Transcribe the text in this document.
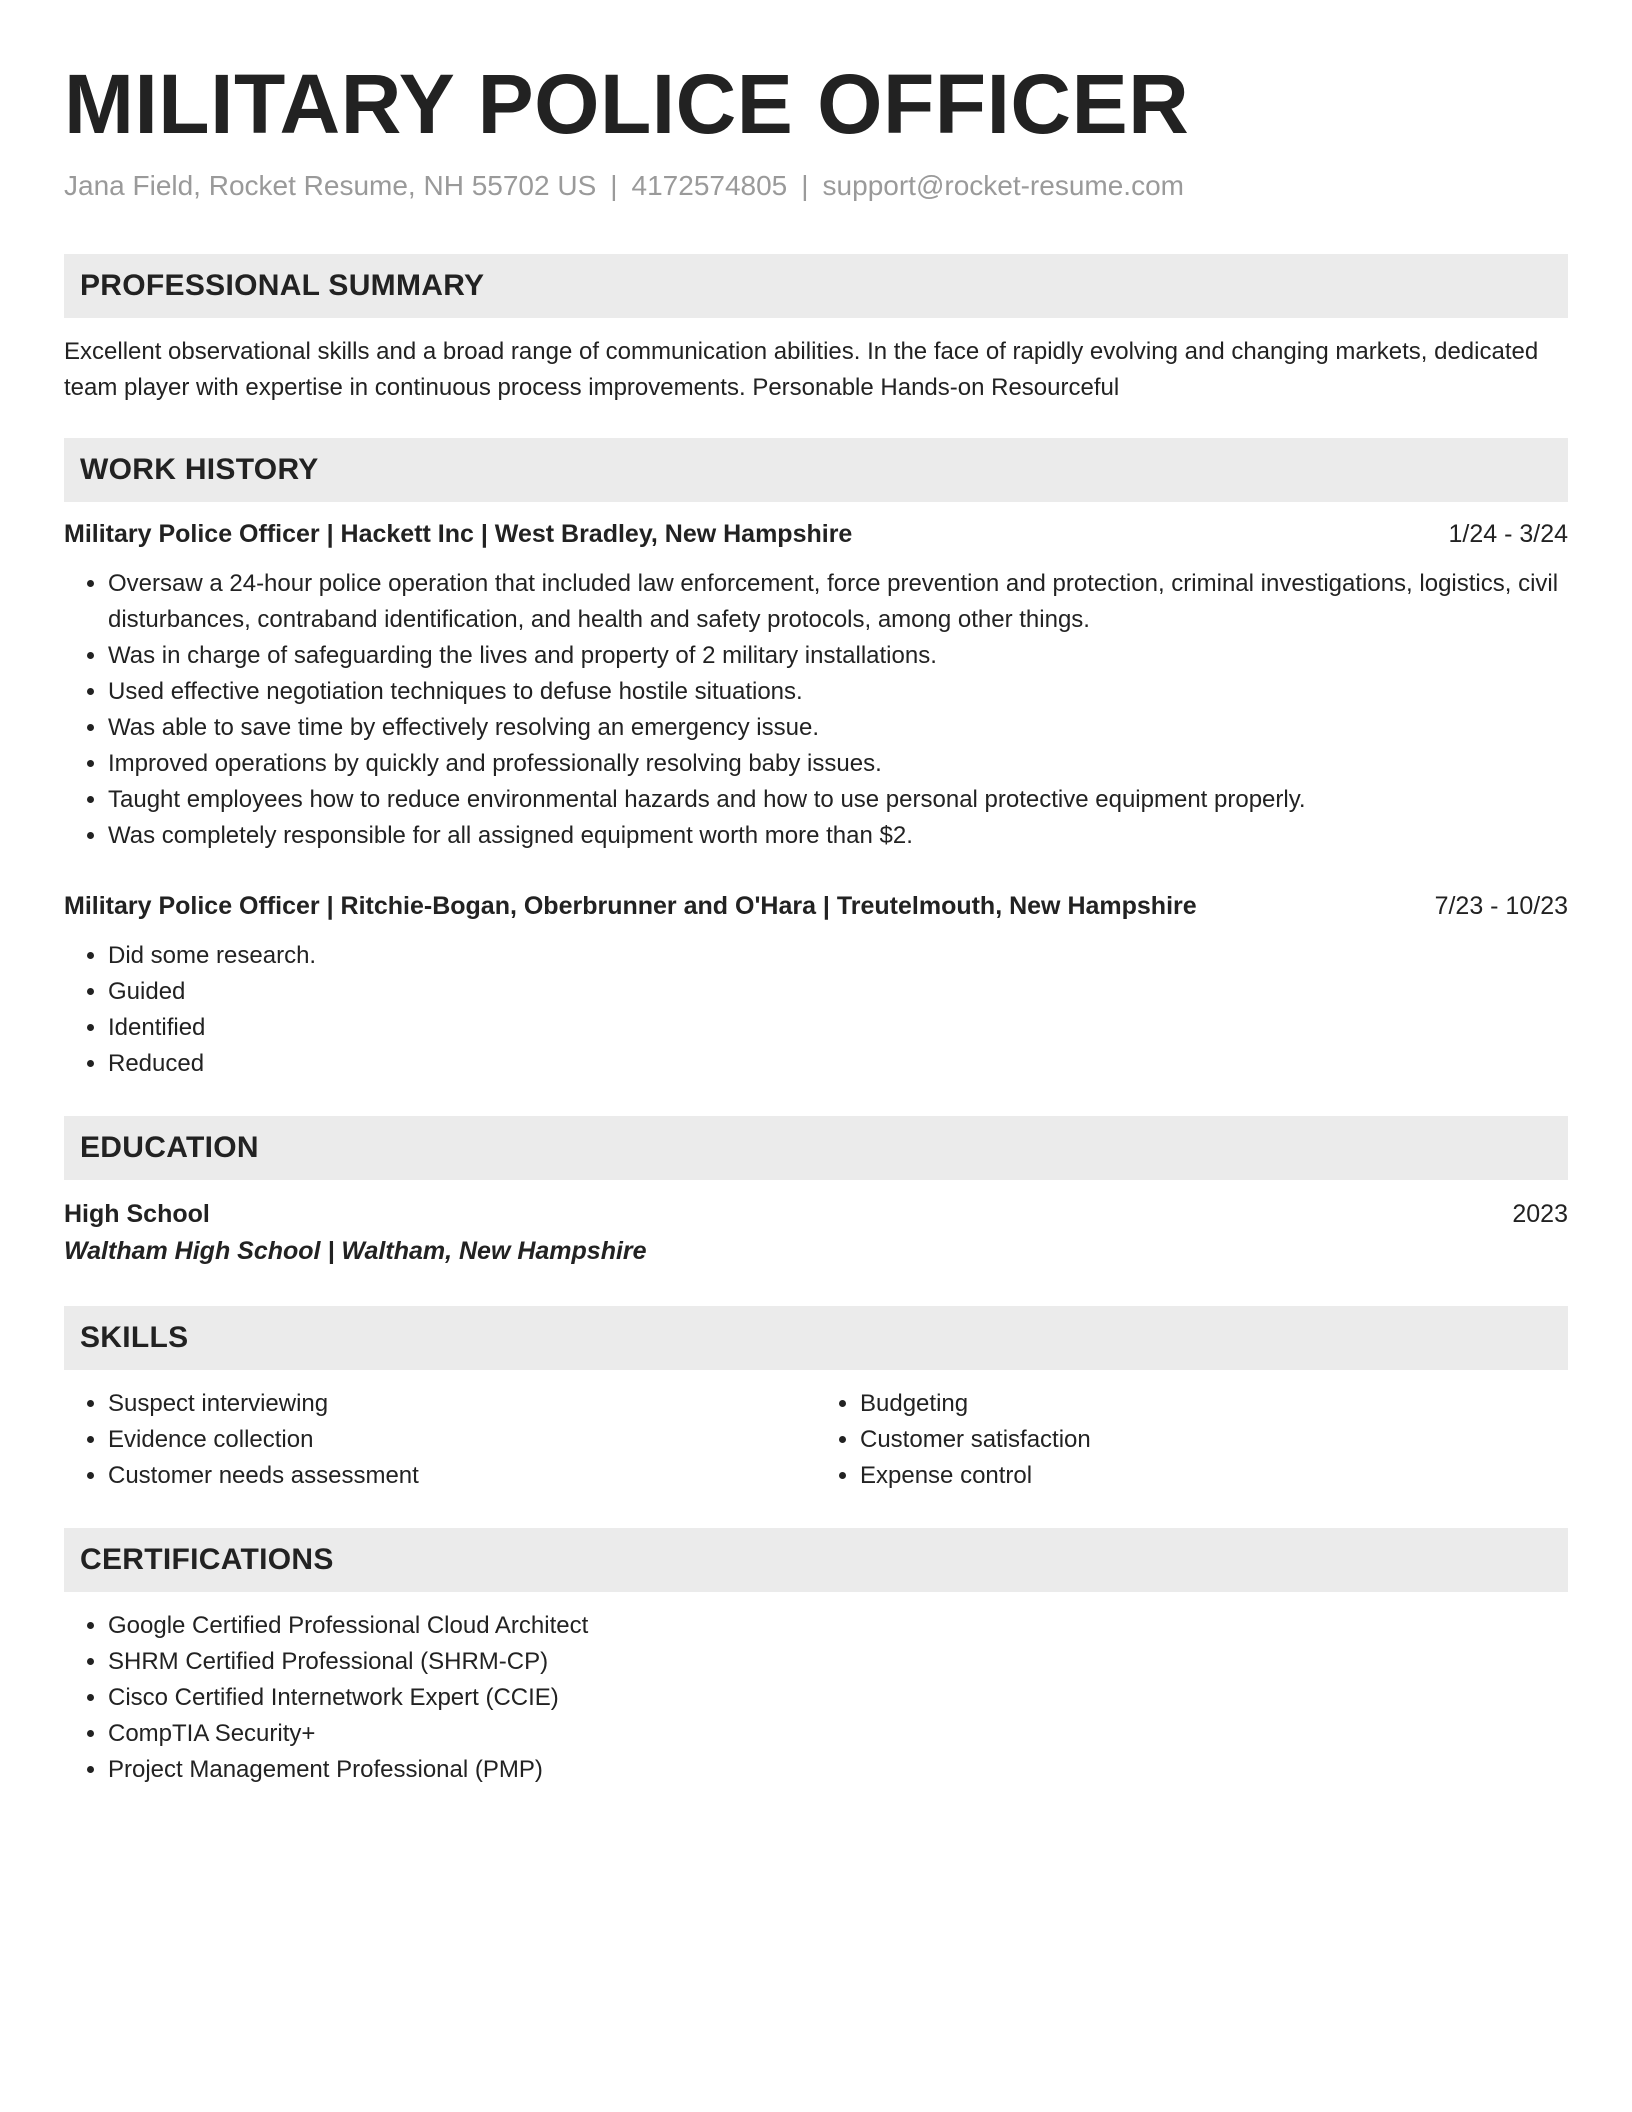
MILITARY POLICE OFFICER
Jana Field, Rocket Resume, NH 55702 US | 4172574805 | support@rocket-resume.com
PROFESSIONAL SUMMARY

Excellent observational skills and a broad range of communication abilities. In the face of rapidly evolving and changing markets, dedicated team player with expertise in continuous process improvements. Personable Hands-on Resourceful

WORK HISTORY
Military Police Officer | Hackett Inc | West Bradley, New Hampshire	1/24 - 3/24
• Oversaw a 24-hour police operation that included law enforcement, force prevention and protection, criminal investigations, logistics, civil disturbances, contraband identification, and health and safety protocols, among other things.
• Was in charge of safeguarding the lives and property of 2 military installations.
• Used effective negotiation techniques to defuse hostile situations.
• Was able to save time by effectively resolving an emergency issue.
• Improved operations by quickly and professionally resolving baby issues.
• Taught employees how to reduce environmental hazards and how to use personal protective equipment properly.
• Was completely responsible for all assigned equipment worth more than $2.
Military Police Officer | Ritchie-Bogan, Oberbrunner and O'Hara | Treutelmouth, New Hampshire	7/23 - 10/23
• Did some research.
• Guided
• Identified
• Reduced
EDUCATION
High School	2023
Waltham High School | Waltham, New Hampshire
SKILLS
• Suspect interviewing
• Evidence collection
• Customer needs assessment
• Budgeting
• Customer satisfaction
• Expense control
CERTIFICATIONS
• Google Certified Professional Cloud Architect
• SHRM Certified Professional (SHRM-CP)
• Cisco Certified Internetwork Expert (CCIE)
• CompTIA Security+
• Project Management Professional (PMP)
